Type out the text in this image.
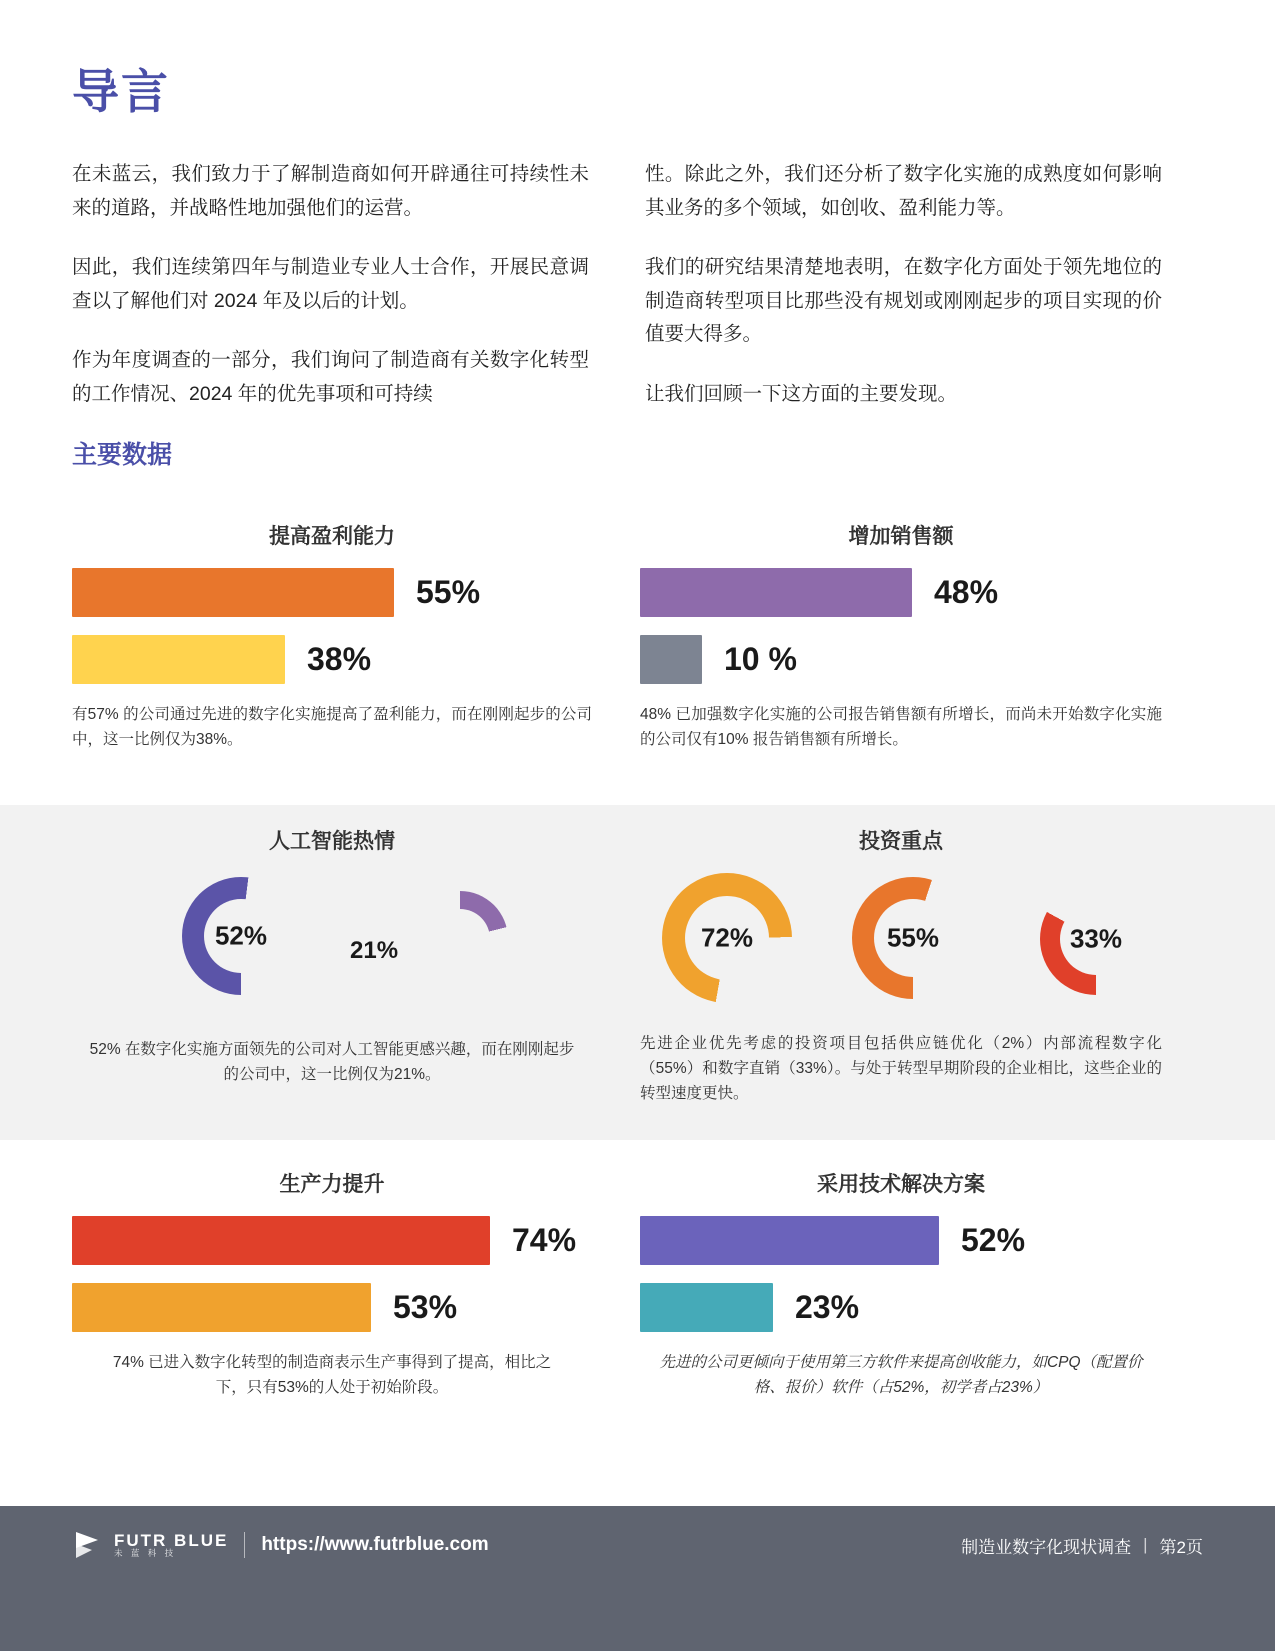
导言

在未蓝云，我们致力于了解制造商如何开辟通往可持续性未来的道路，并战略性地加强他们的运营。

因此，我们连续第四年与制造业专业人士合作，开展民意调查以了解他们对 2024 年及以后的计划。

作为年度调查的一部分，我们询问了制造商有关数字化转型的工作情况、2024 年的优先事项和可持续

性。除此之外，我们还分析了数字化实施的成熟度如何影响其业务的多个领域，如创收、盈利能力等。

我们的研究结果清楚地表明，在数字化方面处于领先地位的制造商转型项目比那些没有规划或刚刚起步的项目实现的价值要大得多。

让我们回顾一下这方面的主要发现。

主要数据
提高盈利能力
55%
38%
有57% 的公司通过先进的数字化实施提高了盈利能力，而在刚刚起步的公司中，这一比例仅为38%。
增加销售额
48%
10 %
48% 已加强数字化实施的公司报告销售额有所增长，而尚未开始数字化实施的公司仅有10% 报告销售额有所增长。
人工智能热情
52%	21%
52% 在数字化实施方面领先的公司对人工智能更感兴趣，而在刚刚起步的公司中，这一比例仅为21%。
投资重点
72%	55%	33%
先进企业优先考虑的投资项目包括供应链优化（2%）内部流程数字化（55%）和数字直销（33%）。与处于转型早期阶段的企业相比，这些企业的转型速度更快。
生产力提升
74%
53%
74% 已进入数字化转型的制造商表示生产事得到了提高，相比之下，只有53%的人处于初始阶段。
采用技术解决方案
52%
23%
先进的公司更倾向于使用第三方软件来提高创收能力，如CPQ（配置价格、报价）软件（占52%，初学者占23%）
FUTR BLUE
未 蓝 科 技	https://www.futrblue.com	制造业数字化现状调查 | 第2页
